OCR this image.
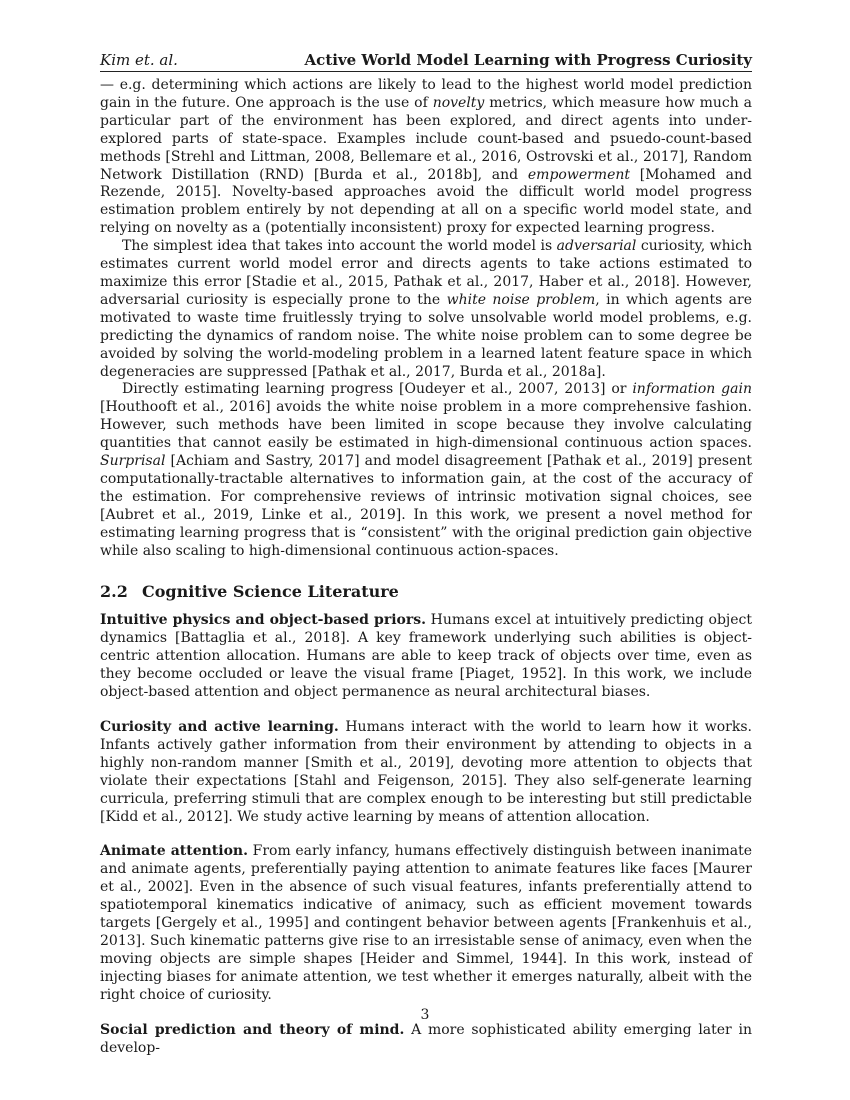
Kim et. al.	Active World Model Learning with Progress Curiosity

— e.g. determining which actions are likely to lead to the highest world model prediction gain in the future. One approach is the use of novelty metrics, which measure how much a particular part of the environment has been explored, and direct agents into under-explored parts of state-space. Examples include count-based and psuedo-count-based methods [Strehl and Littman, 2008, Bellemare et al., 2016, Ostrovski et al., 2017], Random Network Distillation (RND) [Burda et al., 2018b], and empowerment [Mohamed and Rezende, 2015]. Novelty-based approaches avoid the difficult world model progress estimation problem entirely by not depending at all on a specific world model state, and relying on novelty as a (potentially inconsistent) proxy for expected learning progress.

The simplest idea that takes into account the world model is adversarial curiosity, which estimates current world model error and directs agents to take actions estimated to maximize this error [Stadie et al., 2015, Pathak et al., 2017, Haber et al., 2018]. However, adversarial curiosity is especially prone to the white noise problem, in which agents are motivated to waste time fruitlessly trying to solve unsolvable world model problems, e.g. predicting the dynamics of random noise. The white noise problem can to some degree be avoided by solving the world-modeling problem in a learned latent feature space in which degeneracies are suppressed [Pathak et al., 2017, Burda et al., 2018a].

Directly estimating learning progress [Oudeyer et al., 2007, 2013] or information gain [Houthooft et al., 2016] avoids the white noise problem in a more comprehensive fashion. However, such methods have been limited in scope because they involve calculating quantities that cannot easily be estimated in high-dimensional continuous action spaces. Surprisal [Achiam and Sastry, 2017] and model disagreement [Pathak et al., 2019] present computationally-tractable alternatives to information gain, at the cost of the accuracy of the estimation. For comprehensive reviews of intrinsic motivation signal choices, see [Aubret et al., 2019, Linke et al., 2019]. In this work, we present a novel method for estimating learning progress that is “consistent” with the original prediction gain objective while also scaling to high-dimensional continuous action-spaces.

2.2 Cognitive Science Literature

Intuitive physics and object-based priors. Humans excel at intuitively predicting object dynamics [Battaglia et al., 2018]. A key framework underlying such abilities is object-centric attention allocation. Humans are able to keep track of objects over time, even as they become occluded or leave the visual frame [Piaget, 1952]. In this work, we include object-based attention and object permanence as neural architectural biases.

Curiosity and active learning. Humans interact with the world to learn how it works. Infants actively gather information from their environment by attending to objects in a highly non-random manner [Smith et al., 2019], devoting more attention to objects that violate their expectations [Stahl and Feigenson, 2015]. They also self-generate learning curricula, preferring stimuli that are complex enough to be interesting but still predictable [Kidd et al., 2012]. We study active learning by means of attention allocation.

Animate attention. From early infancy, humans effectively distinguish between inanimate and animate agents, preferentially paying attention to animate features like faces [Maurer et al., 2002]. Even in the absence of such visual features, infants preferentially attend to spatiotemporal kinematics indicative of animacy, such as efficient movement towards targets [Gergely et al., 1995] and contingent behavior between agents [Frankenhuis et al., 2013]. Such kinematic patterns give rise to an irresistable sense of animacy, even when the moving objects are simple shapes [Heider and Simmel, 1944]. In this work, instead of injecting biases for animate attention, we test whether it emerges naturally, albeit with the right choice of curiosity.

Social prediction and theory of mind. A more sophisticated ability emerging later in develop-

3
